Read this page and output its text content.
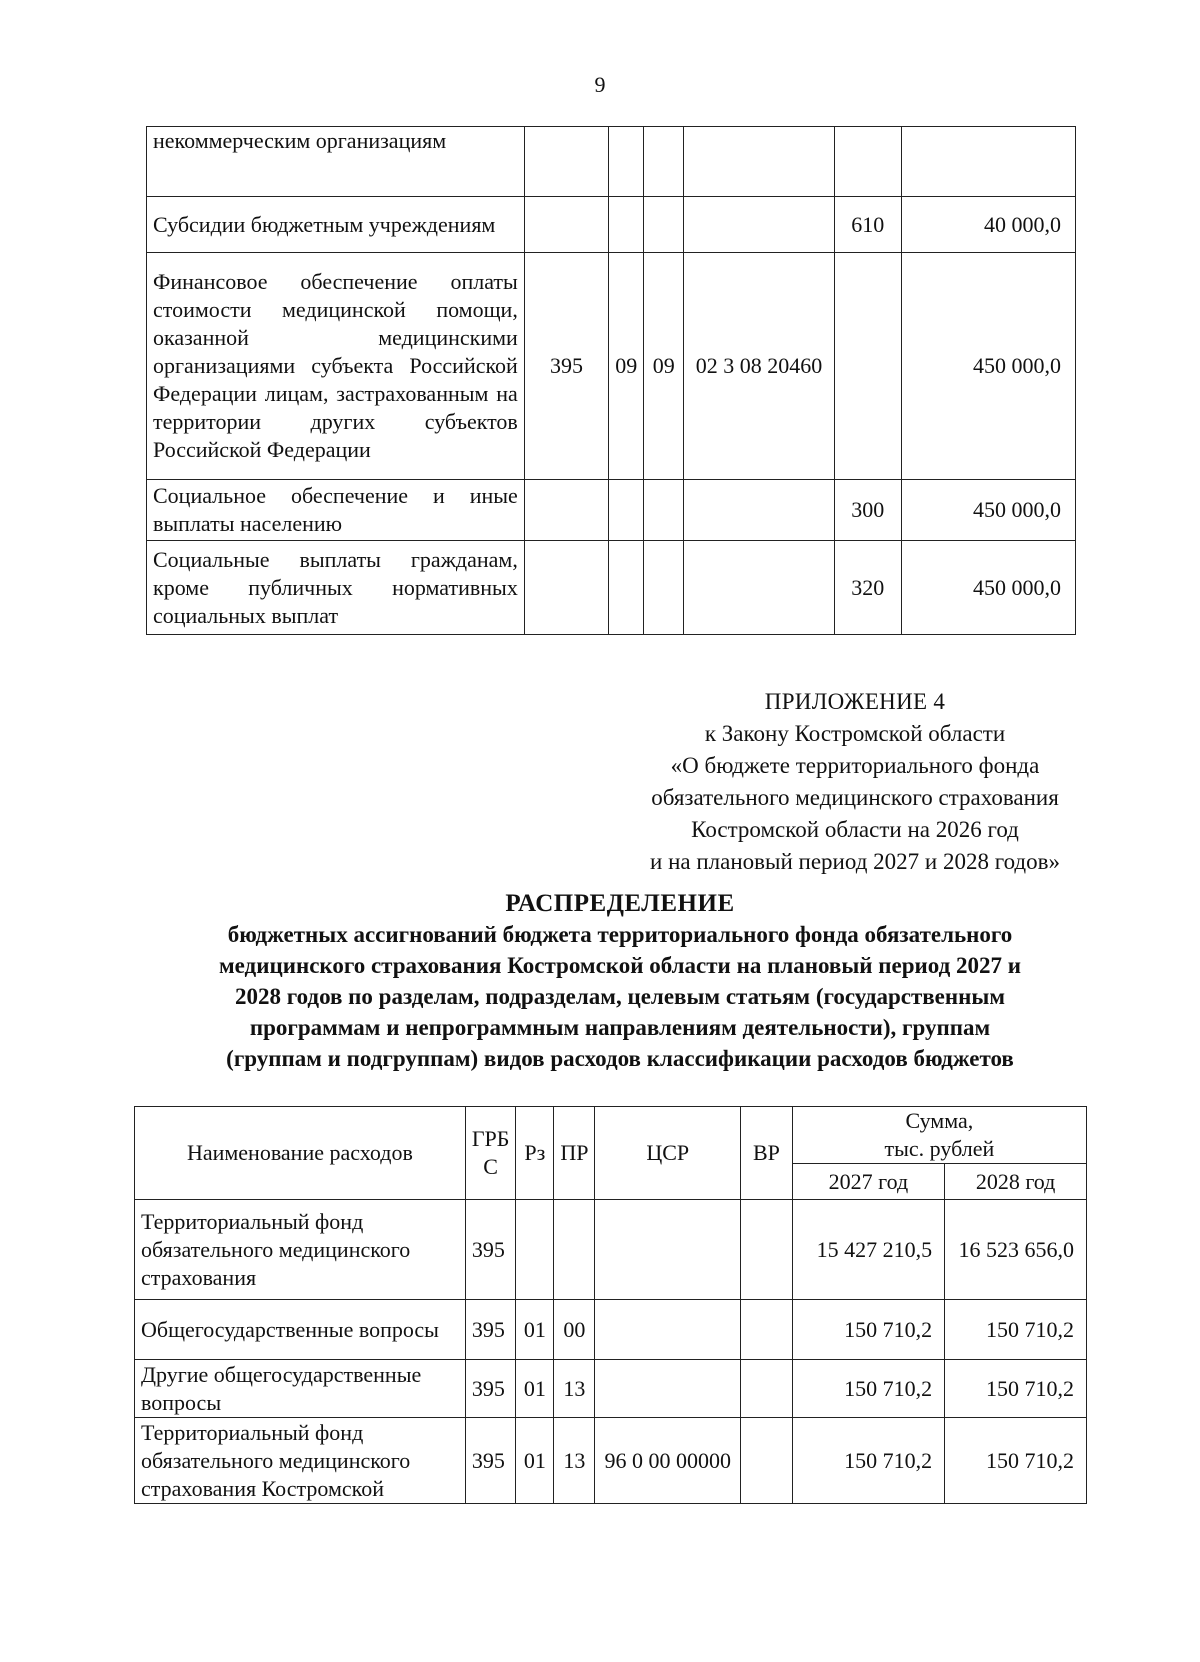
9
некоммерческим организациям						
Субсидии бюджетным учреждениям					610	40 000,0
Финансовое обеспечение оплаты стоимости медицинской помощи, оказанной медицинскими организациями субъекта Российской Федерации лицам, застрахованным на территории других субъектов Российской Федерации	395	09	09	02 3 08 20460		450 000,0
Социальное обеспечение и иные выплаты населению					300	450 000,0
Социальные выплаты гражданам, кроме публичных нормативных социальных выплат					320	450 000,0
ПРИЛОЖЕНИЕ 4
к Закону Костромской области
«О бюджете территориального фонда
обязательного медицинского страхования
Костромской области на 2026 год
и на плановый период 2027 и 2028 годов»
РАСПРЕДЕЛЕНИЕ
бюджетных ассигнований бюджета территориального фонда обязательного
медицинского страхования Костромской области на плановый период 2027 и
2028 годов по разделам, подразделам, целевым статьям (государственным
программам и непрограммным направлениям деятельности), группам
(группам и подгруппам) видов расходов классификации расходов бюджетов
Наименование расходов	ГРБ
С	Рз	ПР	ЦСР	ВР	Сумма,
тыс. рублей	
						2027 год	2028 год
Территориальный фонд обязательного медицинского страхования	395					15 427 210,5	16 523 656,0
Общегосударственные вопросы	395	01	00			150 710,2	150 710,2
Другие общегосударственные вопросы	395	01	13			150 710,2	150 710,2
Территориальный фонд обязательного медицинского страхования Костромской	395	01	13	96 0 00 00000		150 710,2	150 710,2
